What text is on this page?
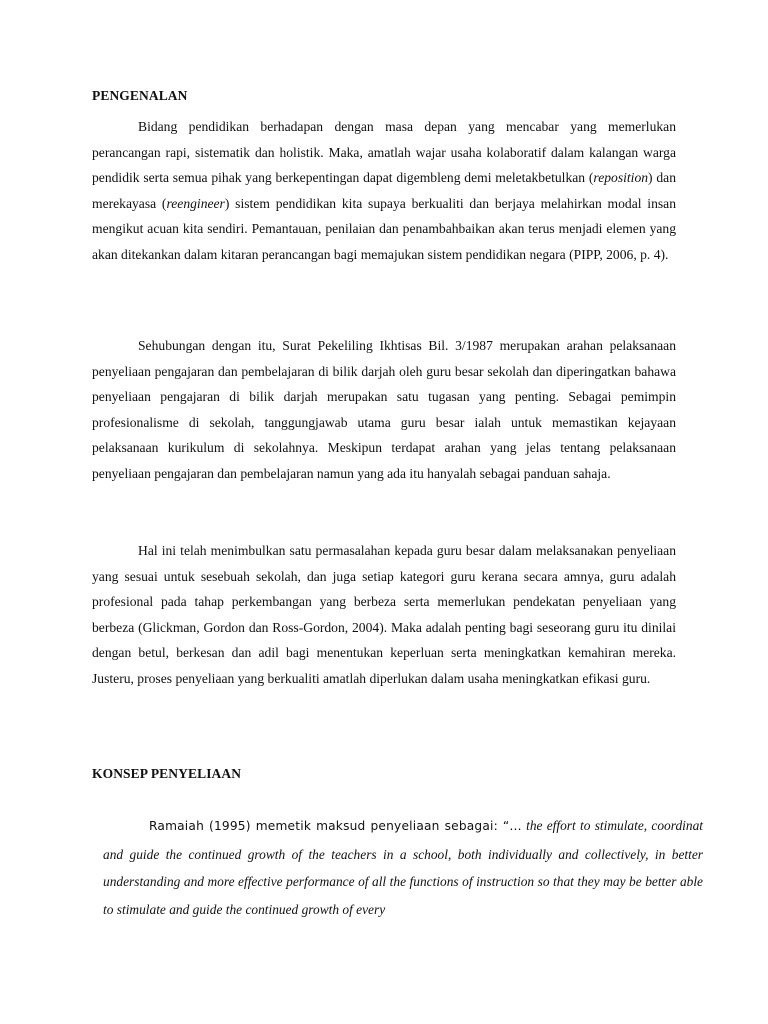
PENGENALAN

Bidang pendidikan berhadapan dengan masa depan yang mencabar yang memerlukan perancangan rapi, sistematik dan holistik. Maka, amatlah wajar usaha kolaboratif dalam kalangan warga pendidik serta semua pihak yang berkepentingan dapat digembleng demi meletakbetulkan (reposition) dan merekayasa (reengineer) sistem pendidikan kita supaya berkualiti dan berjaya melahirkan modal insan mengikut acuan kita sendiri. Pemantauan, penilaian dan penambahbaikan akan terus menjadi elemen yang akan ditekankan dalam kitaran perancangan bagi memajukan sistem pendidikan negara (PIPP, 2006, p. 4).

Sehubungan dengan itu, Surat Pekeliling Ikhtisas Bil. 3/1987 merupakan arahan pelaksanaan penyeliaan pengajaran dan pembelajaran di bilik darjah oleh guru besar sekolah dan diperingatkan bahawa penyeliaan pengajaran di bilik darjah merupakan satu tugasan yang penting. Sebagai pemimpin profesionalisme di sekolah, tanggungjawab utama guru besar ialah untuk memastikan kejayaan pelaksanaan kurikulum di sekolahnya. Meskipun terdapat arahan yang jelas tentang pelaksanaan penyeliaan pengajaran dan pembelajaran namun yang ada itu hanyalah sebagai panduan sahaja.

Hal ini telah menimbulkan satu permasalahan kepada guru besar dalam melaksanakan penyeliaan yang sesuai untuk sesebuah sekolah, dan juga setiap kategori guru kerana secara amnya, guru adalah profesional pada tahap perkembangan yang berbeza serta memerlukan pendekatan penyeliaan yang berbeza (Glickman, Gordon dan Ross-Gordon, 2004). Maka adalah penting bagi seseorang guru itu dinilai dengan betul, berkesan dan adil bagi menentukan keperluan serta meningkatkan kemahiran mereka. Justeru, proses penyeliaan yang berkualiti amatlah diperlukan dalam usaha meningkatkan efikasi guru.

KONSEP PENYELIAAN

Ramaiah (1995) memetik maksud penyeliaan sebagai: “… the effort to stimulate, coordinat and guide the continued growth of the teachers in a school, both individually and collectively, in better understanding and more effective performance of all the functions of instruction so that they may be better able to stimulate and guide the continued growth of every
